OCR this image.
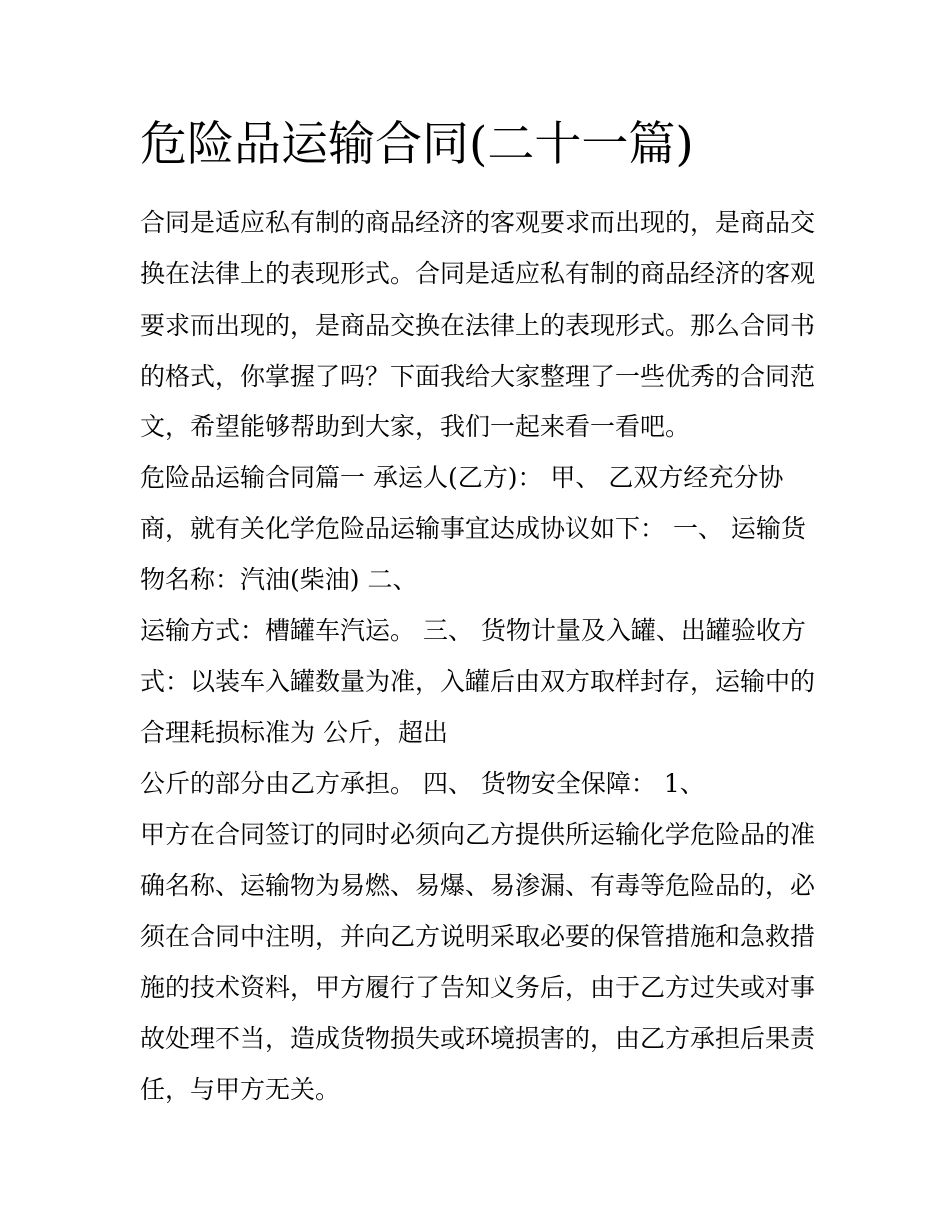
危险品运输合同(二十一篇)

合同是适应私有制的商品经济的客观要求而出现的，是商品交

换在法律上的表现形式。合同是适应私有制的商品经济的客观

要求而出现的，是商品交换在法律上的表现形式。那么合同书

的格式，你掌握了吗？下面我给大家整理了一些优秀的合同范

文，希望能够帮助到大家，我们一起来看一看吧。

危险品运输合同篇一 承运人(乙方)： 甲、 乙双方经充分协

商，就有关化学危险品运输事宜达成协议如下： 一、 运输货

物名称：汽油(柴油) 二、

运输方式：槽罐车汽运。 三、 货物计量及入罐、出罐验收方

式：以装车入罐数量为准，入罐后由双方取样封存，运输中的

合理耗损标准为 公斤，超出

公斤的部分由乙方承担。 四、 货物安全保障： 1、

甲方在合同签订的同时必须向乙方提供所运输化学危险品的准

确名称、运输物为易燃、易爆、易渗漏、有毒等危险品的，必

须在合同中注明，并向乙方说明采取必要的保管措施和急救措

施的技术资料，甲方履行了告知义务后，由于乙方过失或对事

故处理不当，造成货物损失或环境损害的，由乙方承担后果责

任，与甲方无关。
